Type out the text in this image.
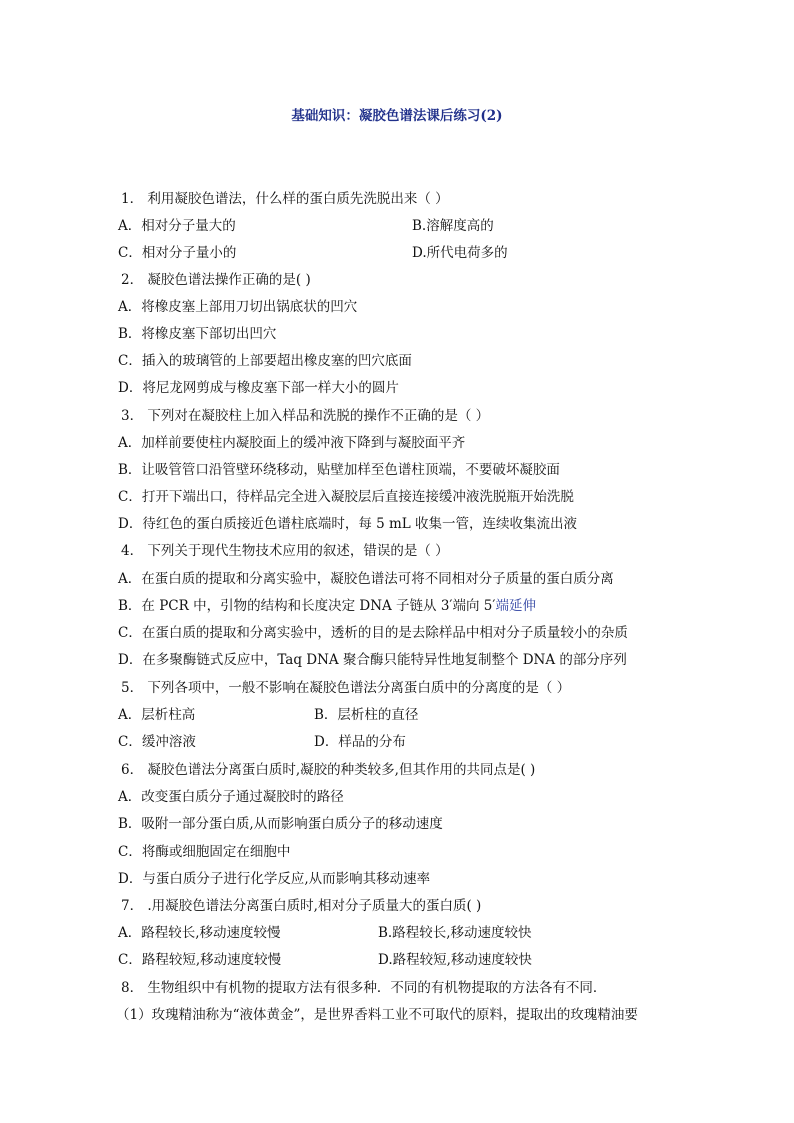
基础知识：凝胶色谱法课后练习(2)
1． 利用凝胶色谱法，什么样的蛋白质先洗脱出来（ ）
A．相对分子量大的	B.溶解度高的
C．相对分子量小的	D.所代电荷多的
2． 凝胶色谱法操作正确的是( )
A．将橡皮塞上部用刀切出锅底状的凹穴
B．将橡皮塞下部切出凹穴
C．插入的玻璃管的上部要超出橡皮塞的凹穴底面
D．将尼龙网剪成与橡皮塞下部一样大小的圆片
3． 下列对在凝胶柱上加入样品和洗脱的操作不正确的是（ ）
A．加样前要使柱内凝胶面上的缓冲液下降到与凝胶面平齐
B．让吸管管口沿管壁环绕移动，贴壁加样至色谱柱顶端，不要破坏凝胶面
C．打开下端出口，待样品完全进入凝胶层后直接连接缓冲液洗脱瓶开始洗脱
D．待红色的蛋白质接近色谱柱底端时，每 5 mL 收集一管，连续收集流出液
4． 下列关于现代生物技术应用的叙述，错误的是（ ）
A．在蛋白质的提取和分离实验中，凝胶色谱法可将不同相对分子质量的蛋白质分离
B．在 PCR 中，引物的结构和长度决定 DNA 子链从 3′端向 5′端延伸
C．在蛋白质的提取和分离实验中，透析的目的是去除样品中相对分子质量较小的杂质
D．在多聚酶链式反应中，Taq DNA 聚合酶只能特异性地复制整个 DNA 的部分序列
5． 下列各项中，一般不影响在凝胶色谱法分离蛋白质中的分离度的是（ ）
A．层析柱高	B．层析柱的直径
C．缓冲溶液	D．样品的分布
6． 凝胶色谱法分离蛋白质时,凝胶的种类较多,但其作用的共同点是( )
A．改变蛋白质分子通过凝胶时的路径
B．吸附一部分蛋白质,从而影响蛋白质分子的移动速度
C．将酶或细胞固定在细胞中
D．与蛋白质分子进行化学反应,从而影响其移动速率
7． .用凝胶色谱法分离蛋白质时,相对分子质量大的蛋白质( )
A．路程较长,移动速度较慢	B.路程较长,移动速度较快
C．路程较短,移动速度较慢	D.路程较短,移动速度较快
8． 生物组织中有机物的提取方法有很多种．不同的有机物提取的方法各有不同．
（1）玫瑰精油称为“液体黄金”，是世界香料工业不可取代的原料，提取出的玫瑰精油要
